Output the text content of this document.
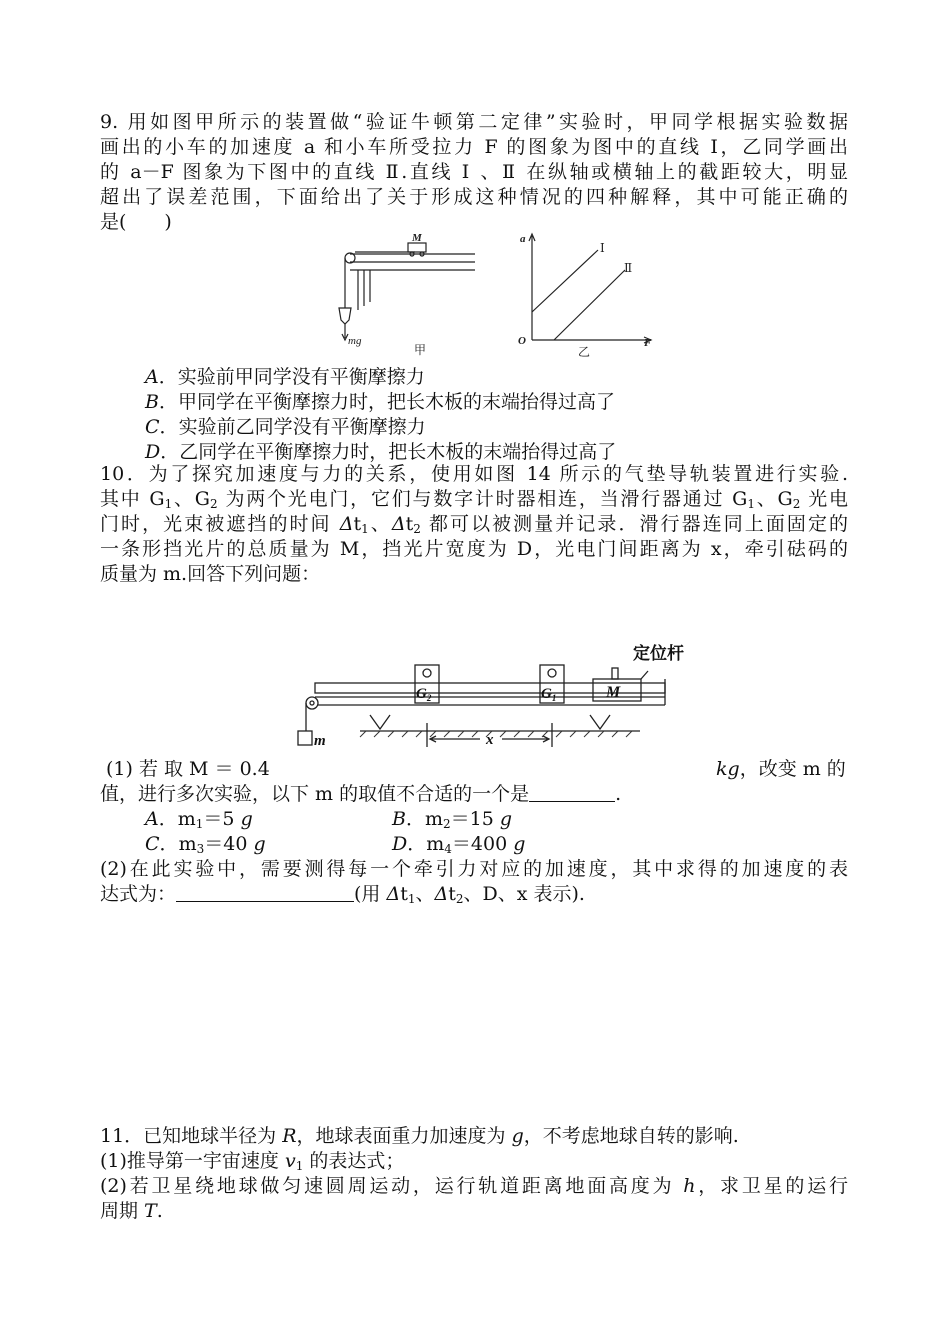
9. 用如图甲所示的装置做“验证牛顿第二定律”实验时，甲同学根据实验数据
画出的小车的加速度 a 和小车所受拉力 F 的图象为图中的直线 Ⅰ，乙同学画出
的 a－F 图象为下图中的直线 Ⅱ.直线 Ⅰ 、Ⅱ 在纵轴或横轴上的截距较大，明显
超出了误差范围，下面给出了关于形成这种情况的四种解释，其中可能正确的
是(　　)
M
mg
甲
a
Ⅰ
Ⅱ
O	F
乙
A．实验前甲同学没有平衡摩擦力
B．甲同学在平衡摩擦力时，把长木板的末端抬得过高了
C．实验前乙同学没有平衡摩擦力
D．乙同学在平衡摩擦力时，把长木板的末端抬得过高了
10．为了探究加速度与力的关系，使用如图 14 所示的气垫导轨装置进行实验.
其中 $G_1$、$G_2$ 为两个光电门，它们与数字计时器相连，当滑行器通过 $G_1$、$G_2$ 光电
门时，光束被遮挡的时间 $\Delta t_1$、$\Delta t_2$ 都可以被测量并记录．滑行器连同上面固定的
一条形挡光片的总质量为 M，挡光片宽度为 D，光电门间距离为 x，牵引砝码的
质量为 m.回答下列问题：
定位杆
M
$G_2$	$G_1$
x
m
(1) 若 取 M ＝ 0.4	kg，改变 m 的
值，进行多次实验，以下 m 的取值不合适的一个是	.
A．$m_1=5$ g	B．$m_2=15$ g
C．$m_3=40$ g	D．$m_4=400$ g
(2)在此实验中，需要测得每一个牵引力对应的加速度，其中求得的加速度的表
达式为：	(用 $\Delta t_1$、$\Delta t_2$、D、x 表示).
11．已知地球半径为 R，地球表面重力加速度为 g，不考虑地球自转的影响.
(1)推导第一宇宙速度 $v_1$ 的表达式；
(2)若卫星绕地球做匀速圆周运动，运行轨道距离地面高度为 h，求卫星的运行
周期 T.
